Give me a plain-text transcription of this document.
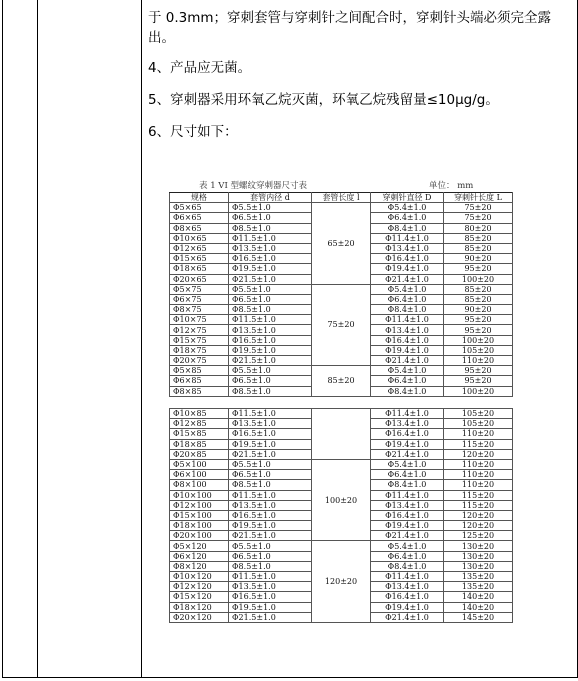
于 0.3mm；穿刺套管与穿刺针之间配合时，穿刺针头端必须完全露出。

4、产品应无菌。

5、穿刺器采用环氧乙烷灭菌，环氧乙烷残留量≤10μg/g。

6、尺寸如下：

表 1 VI 型螺纹穿刺器尺寸表	单位： mm
规格	套管内径 d	套管长度 l	穿刺针直径 D	穿刺针长度 L
Φ5×65	Φ5.5±1.0	65±20	Φ5.4±1.0	75±20
Φ6×65	Φ6.5±1.0		Φ6.4±1.0	75±20
Φ8×65	Φ8.5±1.0		Φ8.4±1.0	80±20
Φ10×65	Φ11.5±1.0		Φ11.4±1.0	85±20
Φ12×65	Φ13.5±1.0		Φ13.4±1.0	85±20
Φ15×65	Φ16.5±1.0		Φ16.4±1.0	90±20
Φ18×65	Φ19.5±1.0		Φ19.4±1.0	95±20
Φ20×65	Φ21.5±1.0		Φ21.4±1.0	100±20
Φ5×75	Φ5.5±1.0	75±20	Φ5.4±1.0	85±20
Φ6×75	Φ6.5±1.0		Φ6.4±1.0	85±20
Φ8×75	Φ8.5±1.0		Φ8.4±1.0	90±20
Φ10×75	Φ11.5±1.0		Φ11.4±1.0	95±20
Φ12×75	Φ13.5±1.0		Φ13.4±1.0	95±20
Φ15×75	Φ16.5±1.0		Φ16.4±1.0	100±20
Φ18×75	Φ19.5±1.0		Φ19.4±1.0	105±20
Φ20×75	Φ21.5±1.0		Φ21.4±1.0	110±20
Φ5×85	Φ5.5±1.0	85±20	Φ5.4±1.0	95±20
Φ6×85	Φ6.5±1.0		Φ6.4±1.0	95±20
Φ8×85	Φ8.5±1.0		Φ8.4±1.0	100±20
Φ10×85	Φ11.5±1.0		Φ11.4±1.0	105±20
Φ12×85	Φ13.5±1.0		Φ13.4±1.0	105±20
Φ15×85	Φ16.5±1.0		Φ16.4±1.0	110±20
Φ18×85	Φ19.5±1.0		Φ19.4±1.0	115±20
Φ20×85	Φ21.5±1.0		Φ21.4±1.0	120±20
Φ5×100	Φ5.5±1.0	100±20	Φ5.4±1.0	110±20
Φ6×100	Φ6.5±1.0		Φ6.4±1.0	110±20
Φ8×100	Φ8.5±1.0		Φ8.4±1.0	110±20
Φ10×100	Φ11.5±1.0		Φ11.4±1.0	115±20
Φ12×100	Φ13.5±1.0		Φ13.4±1.0	115±20
Φ15×100	Φ16.5±1.0		Φ16.4±1.0	120±20
Φ18×100	Φ19.5±1.0		Φ19.4±1.0	120±20
Φ20×100	Φ21.5±1.0		Φ21.4±1.0	125±20
Φ5×120	Φ5.5±1.0	120±20	Φ5.4±1.0	130±20
Φ6×120	Φ6.5±1.0		Φ6.4±1.0	130±20
Φ8×120	Φ8.5±1.0		Φ8.4±1.0	130±20
Φ10×120	Φ11.5±1.0		Φ11.4±1.0	135±20
Φ12×120	Φ13.5±1.0		Φ13.4±1.0	135±20
Φ15×120	Φ16.5±1.0		Φ16.4±1.0	140±20
Φ18×120	Φ19.5±1.0		Φ19.4±1.0	140±20
Φ20×120	Φ21.5±1.0		Φ21.4±1.0	145±20
